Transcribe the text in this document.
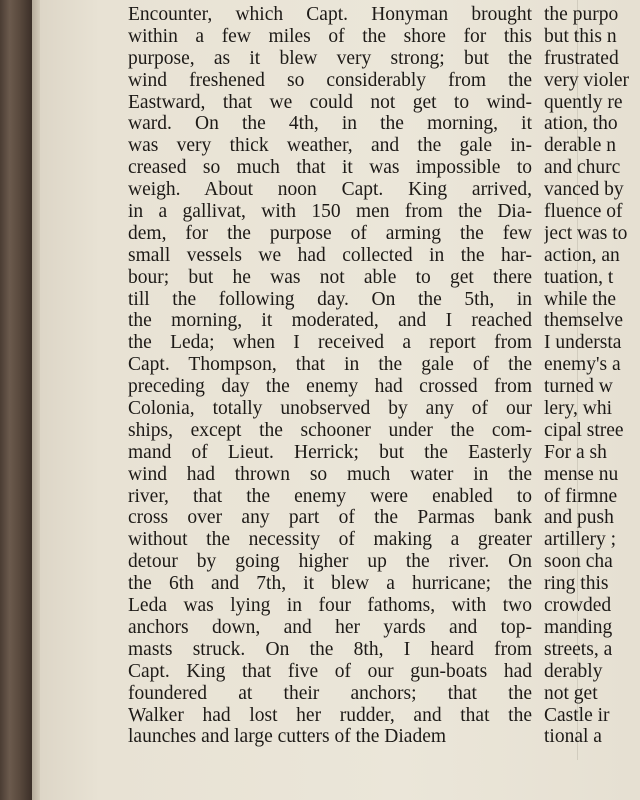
Encounter, which Capt. Honyman brought
within a few miles of the shore for this
purpose, as it blew very strong; but the
wind freshened so considerably from the
Eastward, that we could not get to wind-
ward. On the 4th, in the morning, it
was very thick weather, and the gale in-
creased so much that it was impossible to
weigh. About noon Capt. King arrived,
in a gallivat, with 150 men from the Dia-
dem, for the purpose of arming the few
small vessels we had collected in the har-
bour; but he was not able to get there
till the following day. On the 5th, in
the morning, it moderated, and I reached
the Leda; when I received a report from
Capt. Thompson, that in the gale of the
preceding day the enemy had crossed from
Colonia, totally unobserved by any of our
ships, except the schooner under the com-
mand of Lieut. Herrick; but the Easterly
wind had thrown so much water in the
river, that the enemy were enabled to
cross over any part of the Parmas bank
without the necessity of making a greater
detour by going higher up the river. On
the 6th and 7th, it blew a hurricane; the
Leda was lying in four fathoms, with two
anchors down, and her yards and top-
masts struck. On the 8th, I heard from
Capt. King that five of our gun-boats had
foundered at their anchors; that the
Walker had lost her rudder, and that the
launches and large cutters of the Diadem
the purpo
but this n
frustrated
very violer
quently re
ation, tho
derable n
and churc
vanced by
fluence of
ject was to
action, an
tuation, t
while the
themselve
I understa
enemy's a
turned w
lery, whi
cipal stree
For a sh
mense nu
of firmne
and push
artillery ;
soon cha
ring this
crowded
manding
streets, a
derably
not get
Castle ir
tional a
